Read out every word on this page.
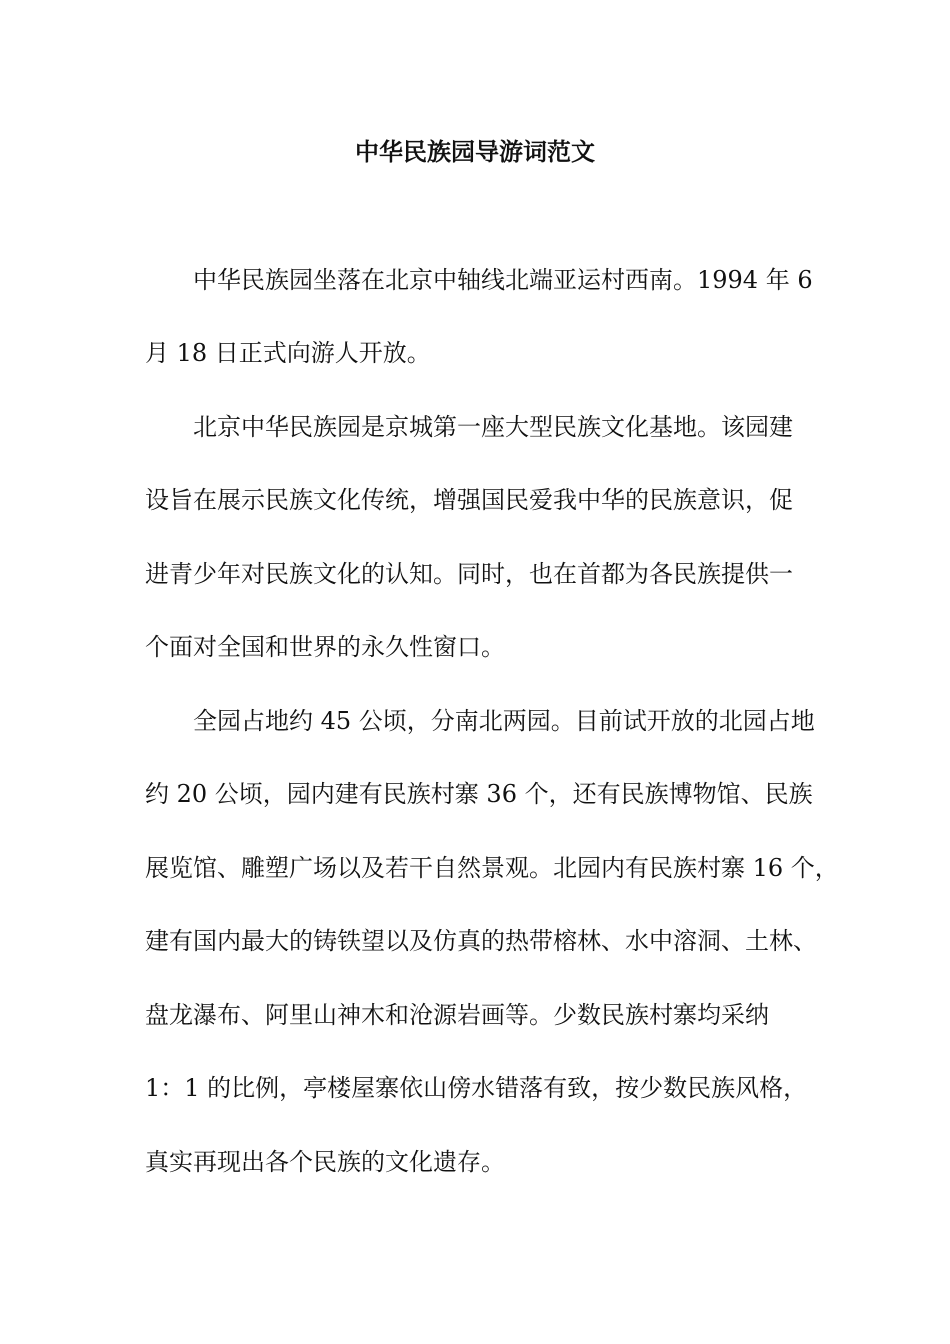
中华民族园导游词范文

中华民族园坐落在北京中轴线北端亚运村西南。1994 年 6

月 18 日正式向游人开放。

北京中华民族园是京城第一座大型民族文化基地。该园建

设旨在展示民族文化传统，增强国民爱我中华的民族意识，促

进青少年对民族文化的认知。同时，也在首都为各民族提供一

个面对全国和世界的永久性窗口。

全园占地约 45 公顷，分南北两园。目前试开放的北园占地

约 20 公顷，园内建有民族村寨 36 个，还有民族博物馆、民族

展览馆、雕塑广场以及若干自然景观。北园内有民族村寨 16 个，

建有国内最大的铸铁望以及仿真的热带榕林、水中溶洞、土林、

盘龙瀑布、阿里山神木和沧源岩画等。少数民族村寨均采纳

1：1 的比例，亭楼屋寨依山傍水错落有致，按少数民族风格，

真实再现出各个民族的文化遗存。
